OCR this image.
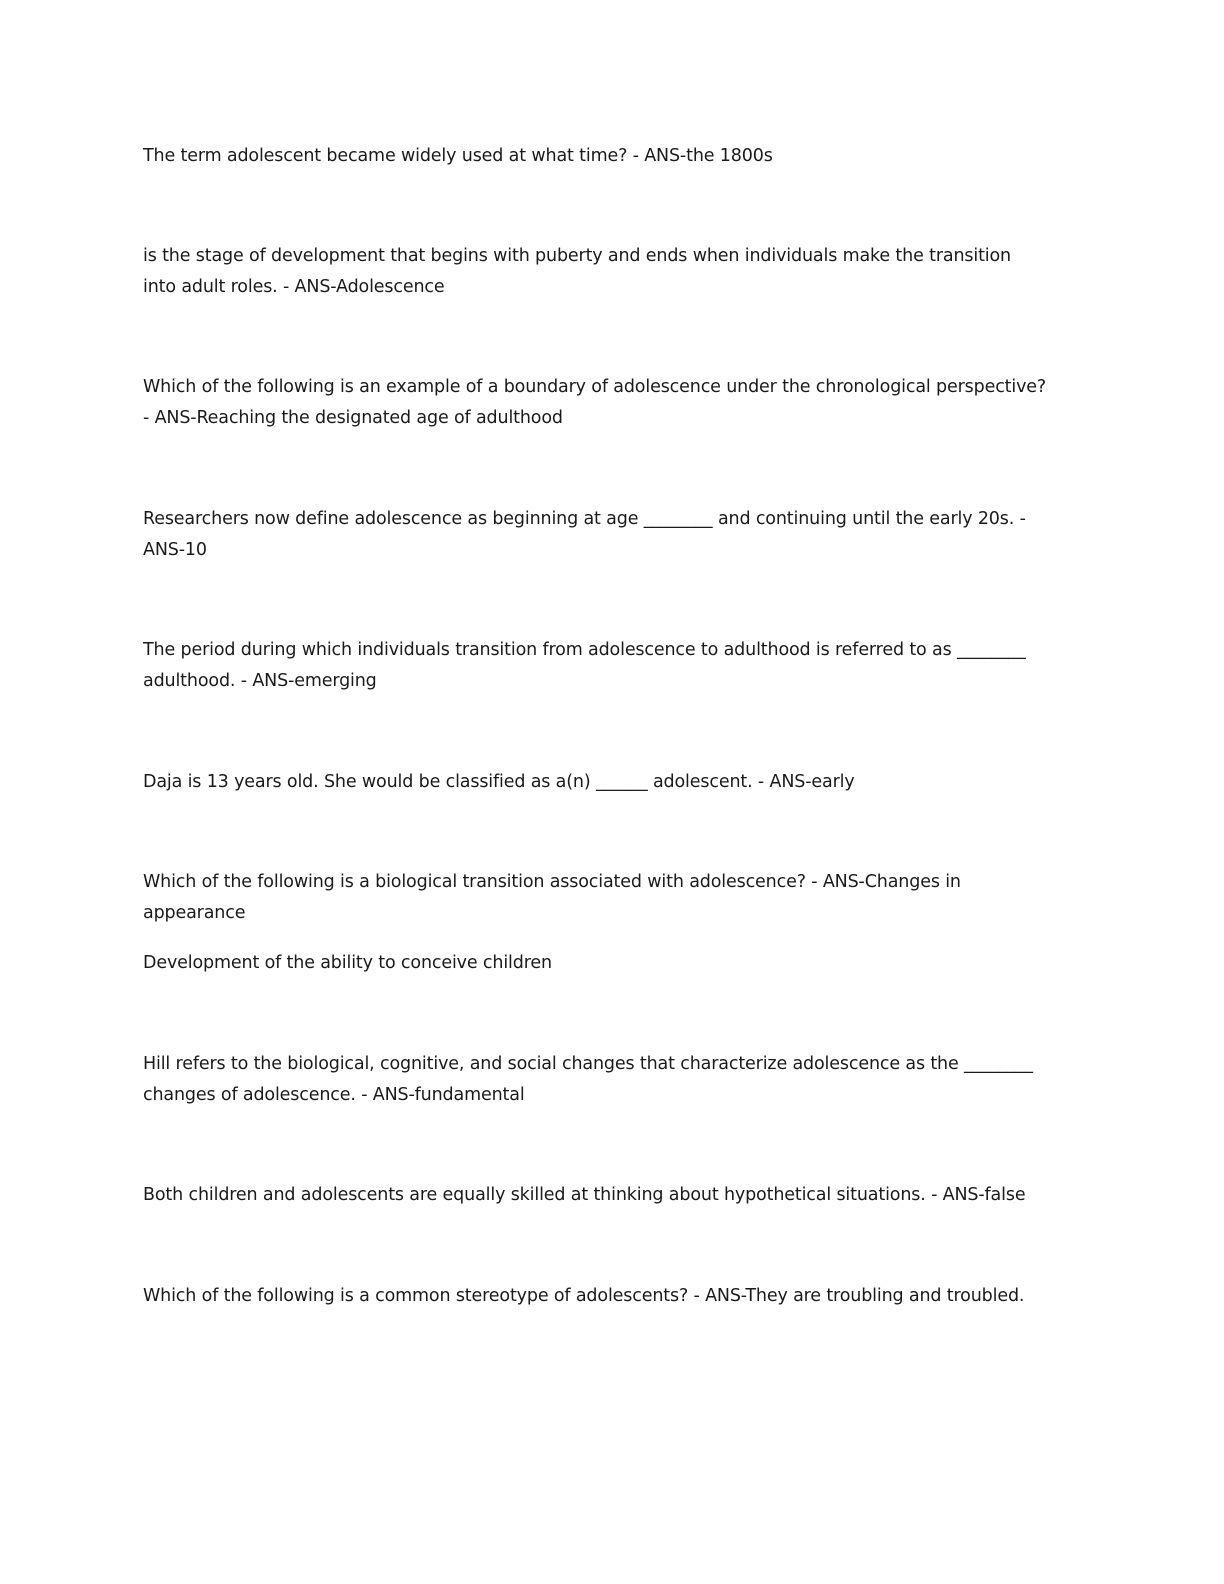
The term adolescent became widely used at what time? - ANS-the 1800s

is the stage of development that begins with puberty and ends when individuals make the transition
into adult roles. - ANS-Adolescence

Which of the following is an example of a boundary of adolescence under the chronological perspective?
- ANS-Reaching the designated age of adulthood

Researchers now define adolescence as beginning at age ________ and continuing until the early 20s. -
ANS-10

The period during which individuals transition from adolescence to adulthood is referred to as ________
adulthood. - ANS-emerging

Daja is 13 years old. She would be classified as a(n) ______ adolescent. - ANS-early

Which of the following is a biological transition associated with adolescence? - ANS-Changes in
appearance

Development of the ability to conceive children

Hill refers to the biological, cognitive, and social changes that characterize adolescence as the ________
changes of adolescence. - ANS-fundamental

Both children and adolescents are equally skilled at thinking about hypothetical situations. - ANS-false

Which of the following is a common stereotype of adolescents? - ANS-They are troubling and troubled.
